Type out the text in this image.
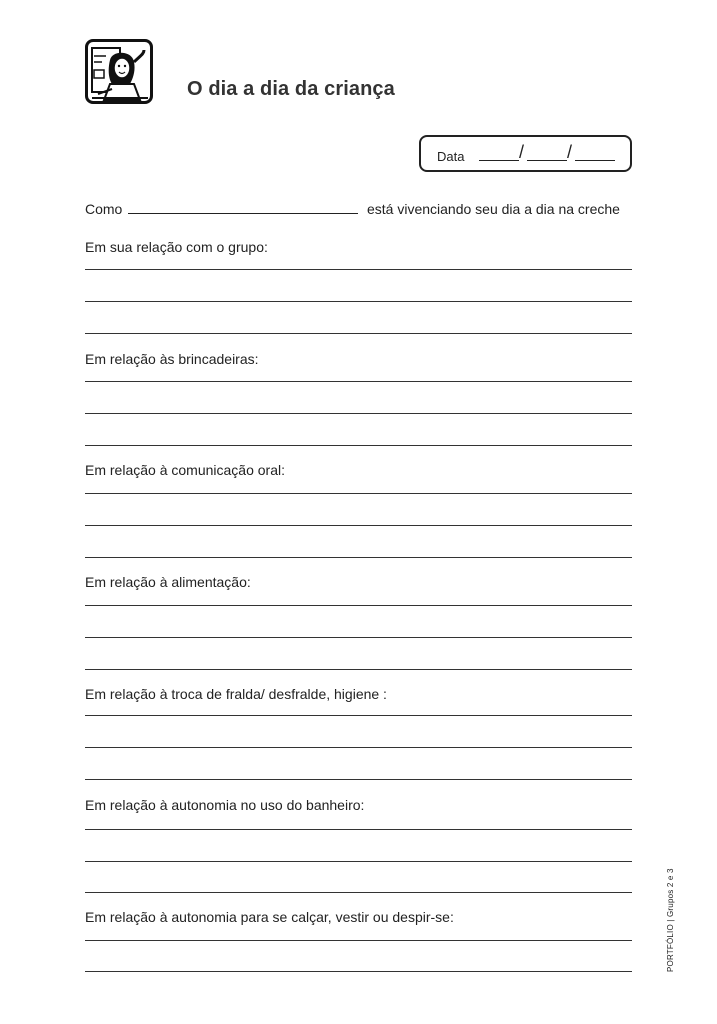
O dia a dia da criança
Data	/ /
Como	está vivenciando seu dia a dia na creche
Em sua relação com o grupo:
Em relação às brincadeiras:
Em relação à comunicação oral:
Em relação à alimentação:
Em relação à troca de fralda/ desfralde, higiene :
Em relação à autonomia no uso do banheiro:
Em relação à autonomia para se calçar, vestir ou despir-se:	PORTFÓLIO | Grupos 2 e 3
